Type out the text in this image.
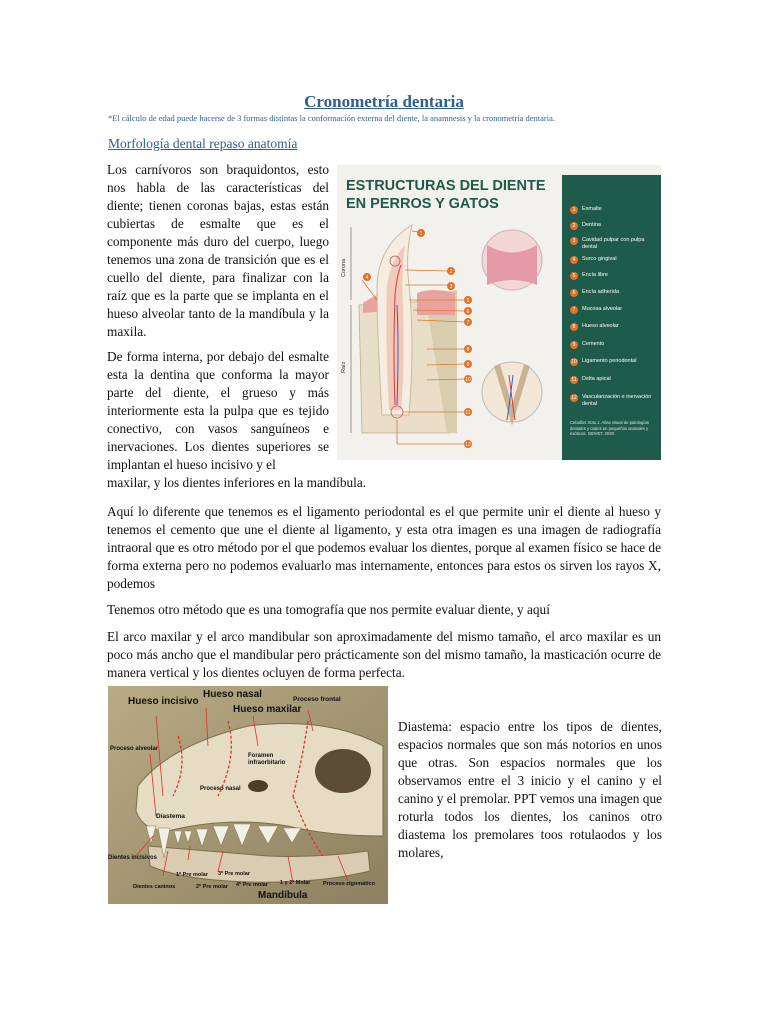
Cronometría dentaria
*El cálculo de edad puede hacerse de 3 formas distintas la conformación externa del diente, la anamnesis y la cronometría dentaria.
Morfología dental repaso anatomía

Los carnívoros son braquidontos, esto nos habla de las características del diente; tienen coronas bajas, estas están cubiertas de esmalte que es el componente más duro del cuerpo, luego tenemos una zona de transición que es el cuello del diente, para finalizar con la raíz que es la parte que se implanta en el hueso alveolar tanto de la mandíbula y la maxila.

De forma interna, por debajo del esmalte esta la dentina que conforma la mayor parte del diente, el grueso y más interiormente esta la pulpa que es tejido conectivo, con vasos sanguíneos e inervaciones. Los dientes superiores se implantan el hueso incisivo y el

maxilar, y los dientes inferiores en la mandíbula.

ESTRUCTURAS DEL DIENTE
EN PERROS Y GATOS
1
2
3
4
5
6
7
8
9
10
11
12
Corona
Raíz
1	Esmalte
2	Dentina
3	Cavidad pulpar con pulpa dental
4	Surco gingival
5	Encía libre
6	Encía adherida
7	Mucosa alveolar
8	Hueso alveolar
9	Cemento
10 Ligamento periodontal
11 Delta apical
12 Vascularización e inervación dental
Ceballos Soto J. Atlas visual de patologías dentales y orales en pequeños animales y exóticos. SDIVET. 2020.

Aquí lo diferente que tenemos es el ligamento periodontal es el que permite unir el diente al hueso y tenemos el cemento que une el diente al ligamento, y esta otra imagen es una imagen de radiografía intraoral que es otro método por el que podemos evaluar los dientes, porque al examen físico se hace de forma externa pero no podemos evaluarlo mas internamente, entonces para estos os sirven los rayos X, podemos

Tenemos otro método que es una tomografía que nos permite evaluar diente, y aquí

El arco maxilar y el arco mandibular son aproximadamente del mismo tamaño, el arco maxilar es un poco más ancho que el mandibular pero prácticamente son del mismo tamaño, la masticación ocurre de manera vertical y los dientes ocluyen de forma perfecta.

Hueso incisivo
Hueso nasal
Hueso maxilar
Proceso frontal
Proceso alveolar
Foramen infraorbitario
Proceso nasal
Diastema
Dientes incisivos
1º Pre molar 3º Pre molar
2º Pre molar 4º Pre molar 1 y 2º Molar
Dientes caninos	Proceso zigomático
Mandíbula

Diastema: espacio entre los tipos de dientes, espacios normales que son más notorios en unos que otras. Son espacios normales que los observamos entre el 3 inicio y el canino y el canino y el premolar. PPT vemos una imagen que roturla todos los dientes, los caninos otro diastema los premolares toos rotulaodos y los molares,
